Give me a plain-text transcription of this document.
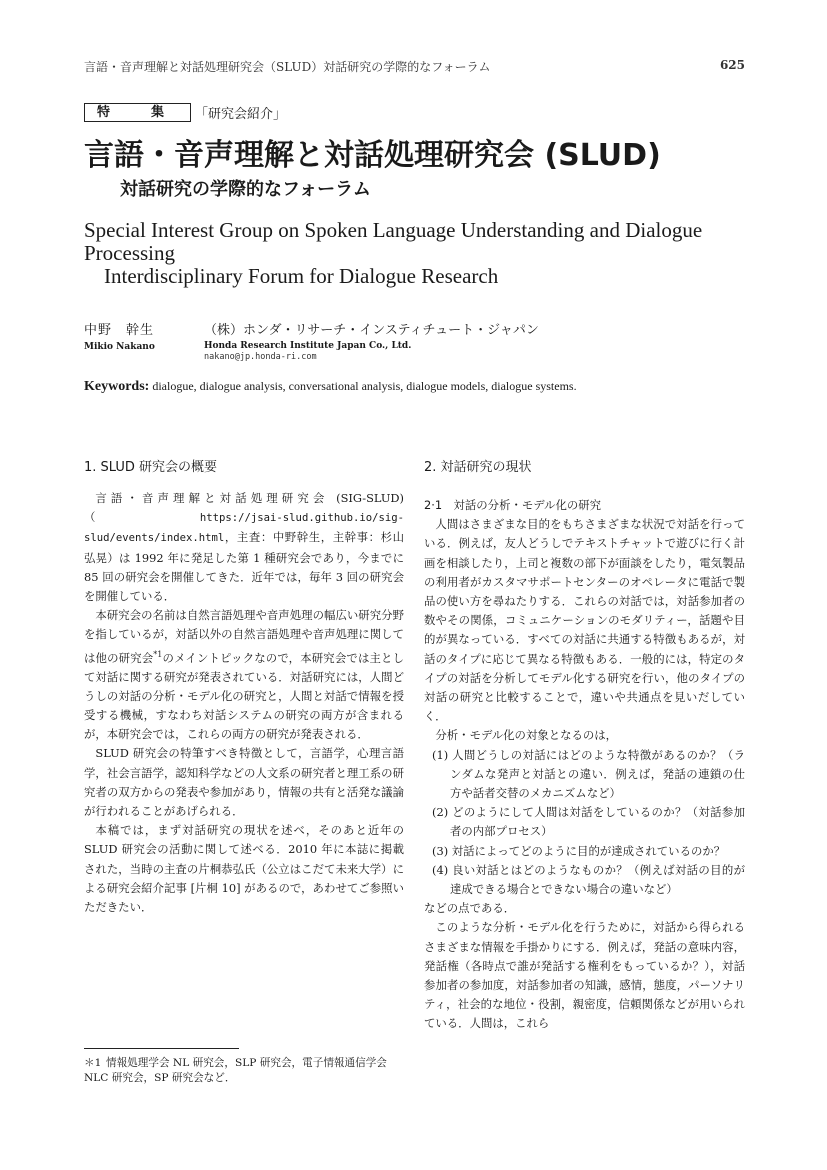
言語・音声理解と対話処理研究会（SLUD）対話研究の学際的なフォーラム	625
特　集	「研究会紹介」
言語・音声理解と対話処理研究会 (SLUD)
対話研究の学際的なフォーラム
Special Interest Group on Spoken Language Understanding and Dialogue Processing
Interdisciplinary Forum for Dialogue Research
中野　幹生	（株）ホンダ・リサーチ・インスティチュート・ジャパン
Mikio Nakano	Honda Research Institute Japan Co., Ltd.
nakano@jp.honda-ri.com
Keywords: dialogue, dialogue analysis, conversational analysis, dialogue models, dialogue systems.
1. SLUD 研究会の概要

言語・音声理解と対話処理研究会 (SIG-SLUD)（https://jsai-slud.github.io/sig-slud/events/index.html，主査：中野幹生，主幹事：杉山弘晃）は 1992 年に発足した第 1 種研究会であり，今までに 85 回の研究会を開催してきた．近年では，毎年 3 回の研究会を開催している．

本研究会の名前は自然言語処理や音声処理の幅広い研究分野を指しているが，対話以外の自然言語処理や音声処理に関しては他の研究会$^{*1}$のメイントピックなので，本研究会では主として対話に関する研究が発表されている．対話研究には，人間どうしの対話の分析・モデル化の研究と，人間と対話で情報を授受する機械，すなわち対話システムの研究の両方が含まれるが，本研究会では，これらの両方の研究が発表される．

SLUD 研究会の特筆すべき特徴として，言語学，心理言語学，社会言語学，認知科学などの人文系の研究者と理工系の研究者の双方からの発表や参加があり，情報の共有と活発な議論が行われることがあげられる．

本稿では，まず対話研究の現状を述べ，そのあと近年の SLUD 研究会の活動に関して述べる．2010 年に本誌に掲載された，当時の主査の片桐恭弘氏（公立はこだて未来大学）による研究会紹介記事 [片桐 10] があるので，あわせてご参照いただきたい．

2. 対話研究の現状
2·1　対話の分析・モデル化の研究

人間はさまざまな目的をもちさまざまな状況で対話を行っている．例えば，友人どうしでテキストチャットで遊びに行く計画を相談したり，上司と複数の部下が面談をしたり，電気製品の利用者がカスタマサポートセンターのオペレータに電話で製品の使い方を尋ねたりする．これらの対話では，対話参加者の数やその関係，コミュニケーションのモダリティー，話題や目的が異なっている．すべての対話に共通する特徴もあるが，対話のタイプに応じて異なる特徴もある．一般的には，特定のタイプの対話を分析してモデル化する研究を行い，他のタイプの対話の研究と比較することで，違いや共通点を見いだしていく．

分析・モデル化の対象となるのは，

(1) 人間どうしの対話にはどのような特徴があるのか？（ランダムな発声と対話との違い．例えば，発話の連鎖の仕方や話者交替のメカニズムなど）

(2) どのようにして人間は対話をしているのか？（対話参加者の内部プロセス）

(3) 対話によってどのように目的が達成されているのか？

(4) 良い対話とはどのようなものか？（例えば対話の目的が達成できる場合とできない場合の違いなど）

などの点である．

このような分析・モデル化を行うために，対話から得られるさまざまな情報を手掛かりにする．例えば，発話の意味内容，発話権（各時点で誰が発話する権利をもっているか？），対話参加者の参加度，対話参加者の知識，感情，態度，パーソナリティ，社会的な地位・役割，親密度，信頼関係などが用いられている．人間は，これら

＊1 情報処理学会 NL 研究会，SLP 研究会，電子情報通信学会 NLC 研究会，SP 研究会など．
